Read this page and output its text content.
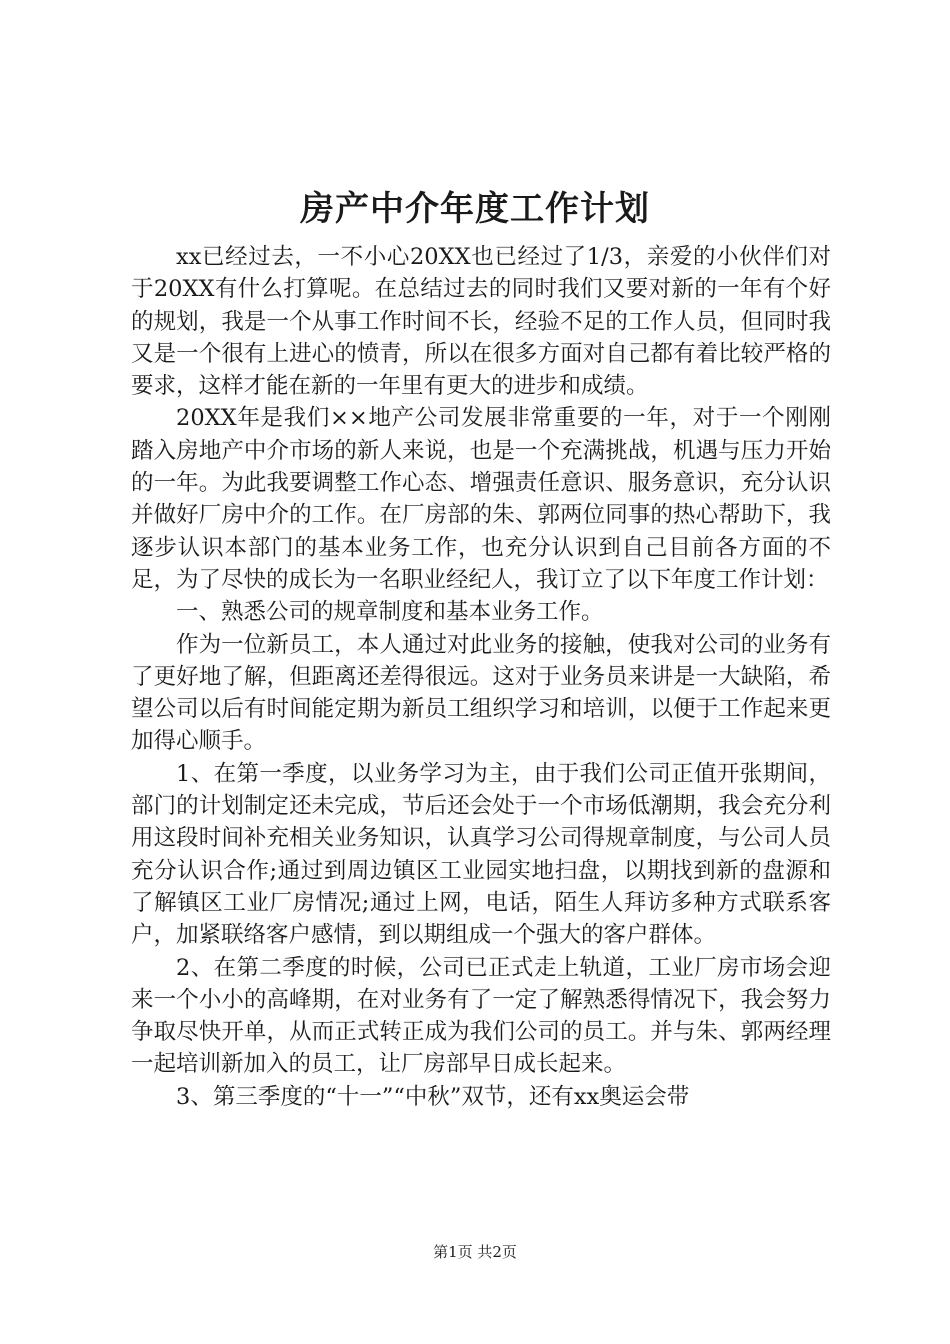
房产中介年度工作计划

xx已经过去，一不小心20XX也已经过了1/3，亲爱的小伙伴们对于20XX有什么打算呢。在总结过去的同时我们又要对新的一年有个好的规划，我是一个从事工作时间不长，经验不足的工作人员，但同时我又是一个很有上进心的愤青，所以在很多方面对自己都有着比较严格的要求，这样才能在新的一年里有更大的进步和成绩。

20XX年是我们××地产公司发展非常重要的一年，对于一个刚刚踏入房地产中介市场的新人来说，也是一个充满挑战，机遇与压力开始的一年。为此我要调整工作心态、增强责任意识、服务意识，充分认识并做好厂房中介的工作。在厂房部的朱、郭两位同事的热心帮助下，我逐步认识本部门的基本业务工作，也充分认识到自己目前各方面的不足，为了尽快的成长为一名职业经纪人，我订立了以下年度工作计划：

一、熟悉公司的规章制度和基本业务工作。

作为一位新员工，本人通过对此业务的接触，使我对公司的业务有了更好地了解，但距离还差得很远。这对于业务员来讲是一大缺陷，希望公司以后有时间能定期为新员工组织学习和培训，以便于工作起来更加得心顺手。

1、在第一季度，以业务学习为主，由于我们公司正值开张期间，部门的计划制定还未完成，节后还会处于一个市场低潮期，我会充分利用这段时间补充相关业务知识，认真学习公司得规章制度，与公司人员充分认识合作;通过到周边镇区工业园实地扫盘，以期找到新的盘源和了解镇区工业厂房情况;通过上网，电话，陌生人拜访多种方式联系客户，加紧联络客户感情，到以期组成一个强大的客户群体。

2、在第二季度的时候，公司已正式走上轨道，工业厂房市场会迎来一个小小的高峰期，在对业务有了一定了解熟悉得情况下，我会努力争取尽快开单，从而正式转正成为我们公司的员工。并与朱、郭两经理一起培训新加入的员工，让厂房部早日成长起来。

3、第三季度的“十一”“中秋”双节，还有xx奥运会带

第1页 共2页
